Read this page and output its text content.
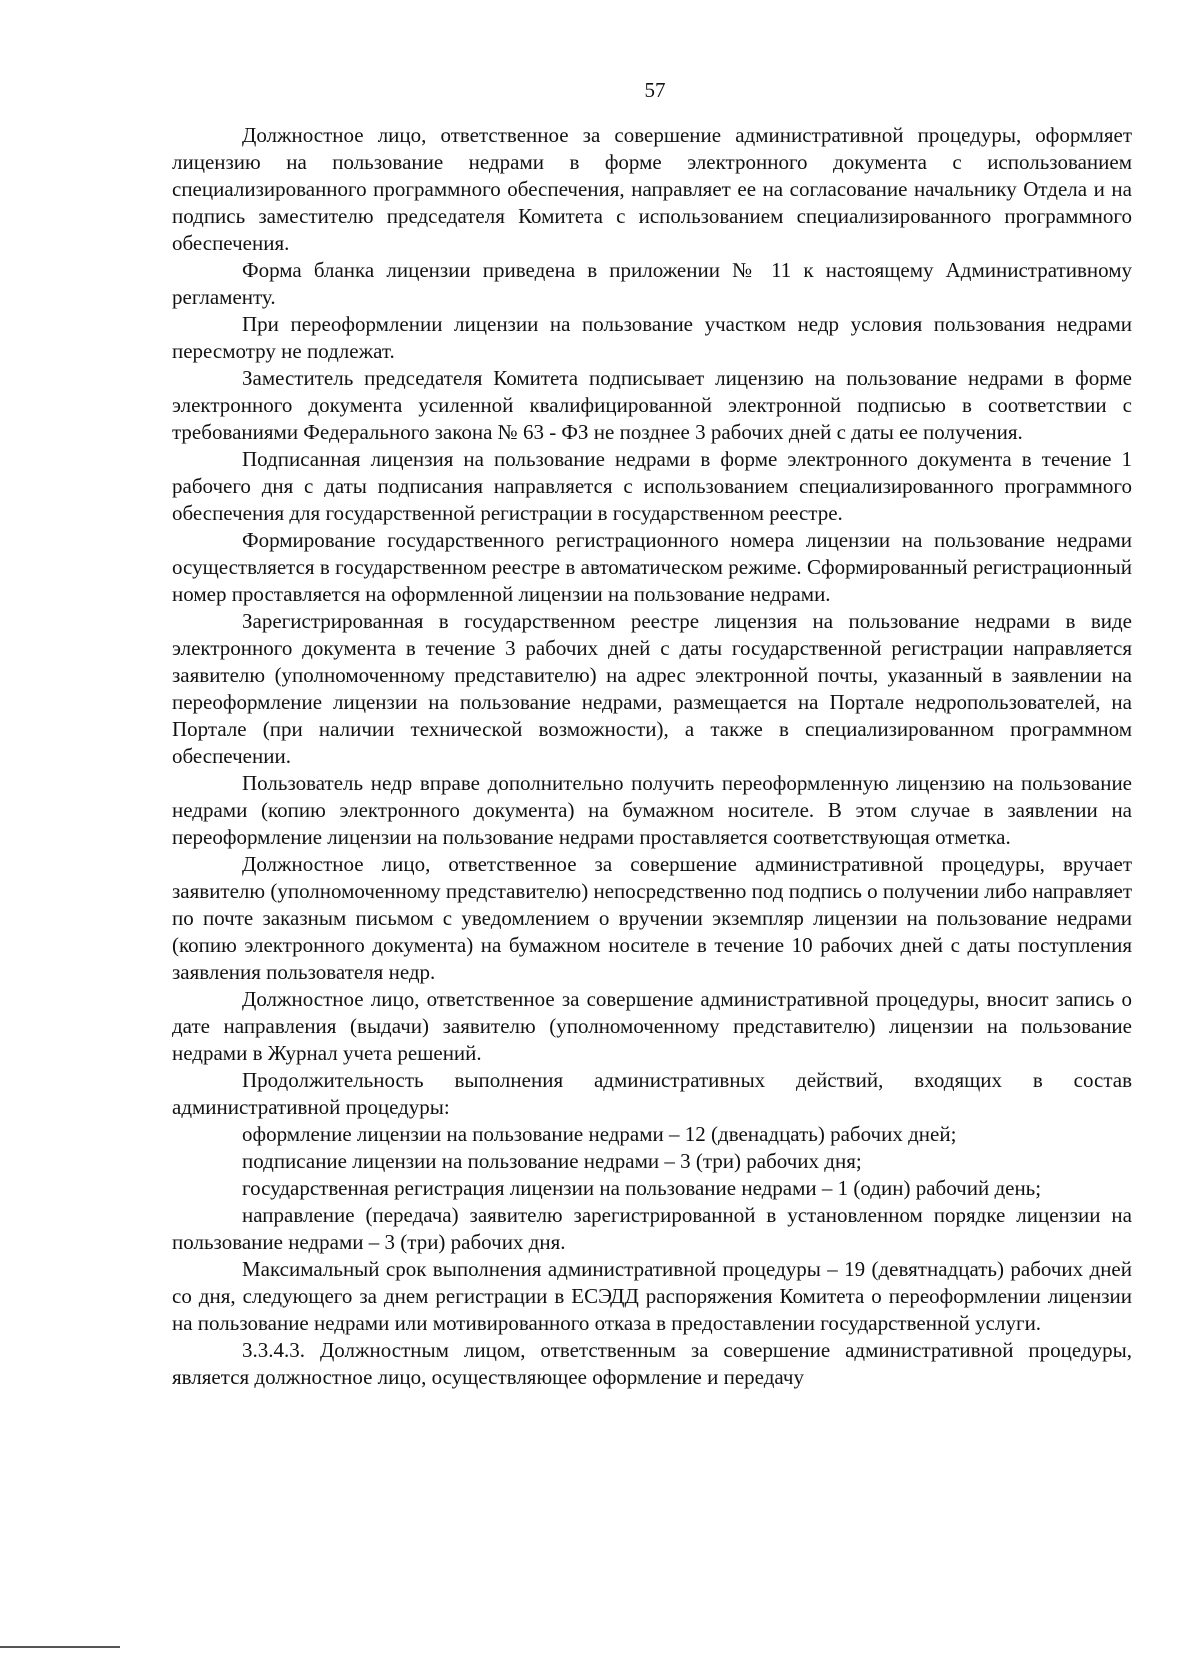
57

Должностное лицо, ответственное за совершение административной процедуры, оформляет лицензию на пользование недрами в форме электронного документа с использованием специализированного программного обеспечения, направляет ее на согласование начальнику Отдела и на подпись заместителю председателя Комитета с использованием специализированного программного обеспечения.

Форма бланка лицензии приведена в приложении № 11 к настоящему Административному регламенту.

При переоформлении лицензии на пользование участком недр условия пользования недрами пересмотру не подлежат.

Заместитель председателя Комитета подписывает лицензию на пользование недрами в форме электронного документа усиленной квалифицированной электронной подписью в соответствии с требованиями Федерального закона № 63 - ФЗ не позднее 3 рабочих дней с даты ее получения.

Подписанная лицензия на пользование недрами в форме электронного документа в течение 1 рабочего дня с даты подписания направляется с использованием специализированного программного обеспечения для государственной регистрации в государственном реестре.

Формирование государственного регистрационного номера лицензии на пользование недрами осуществляется в государственном реестре в автоматическом режиме. Сформированный регистрационный номер проставляется на оформленной лицензии на пользование недрами.

Зарегистрированная в государственном реестре лицензия на пользование недрами в виде электронного документа в течение 3 рабочих дней с даты государственной регистрации направляется заявителю (уполномоченному представителю) на адрес электронной почты, указанный в заявлении на переоформление лицензии на пользование недрами, размещается на Портале недропользователей, на Портале (при наличии технической возможности), а также в специализированном программном обеспечении.

Пользователь недр вправе дополнительно получить переоформленную лицензию на пользование недрами (копию электронного документа) на бумажном носителе. В этом случае в заявлении на переоформление лицензии на пользование недрами проставляется соответствующая отметка.

Должностное лицо, ответственное за совершение административной процедуры, вручает заявителю (уполномоченному представителю) непосредственно под подпись о получении либо направляет по почте заказным письмом с уведомлением о вручении экземпляр лицензии на пользование недрами (копию электронного документа) на бумажном носителе в течение 10 рабочих дней с даты поступления заявления пользователя недр.

Должностное лицо, ответственное за совершение административной процедуры, вносит запись о дате направления (выдачи) заявителю (уполномоченному представителю) лицензии на пользование недрами в Журнал учета решений.

Продолжительность выполнения административных действий, входящих в состав административной процедуры:

оформление лицензии на пользование недрами – 12 (двенадцать) рабочих дней;

подписание лицензии на пользование недрами – 3 (три) рабочих дня;

государственная регистрация лицензии на пользование недрами – 1 (один) рабочий день;

направление (передача) заявителю зарегистрированной в установленном порядке лицензии на пользование недрами – 3 (три) рабочих дня.

Максимальный срок выполнения административной процедуры – 19 (девятнадцать) рабочих дней со дня, следующего за днем регистрации в ЕСЭДД распоряжения Комитета о переоформлении лицензии на пользование недрами или мотивированного отказа в предоставлении государственной услуги.

3.3.4.3. Должностным лицом, ответственным за совершение административной процедуры, является должностное лицо, осуществляющее оформление и передачу
